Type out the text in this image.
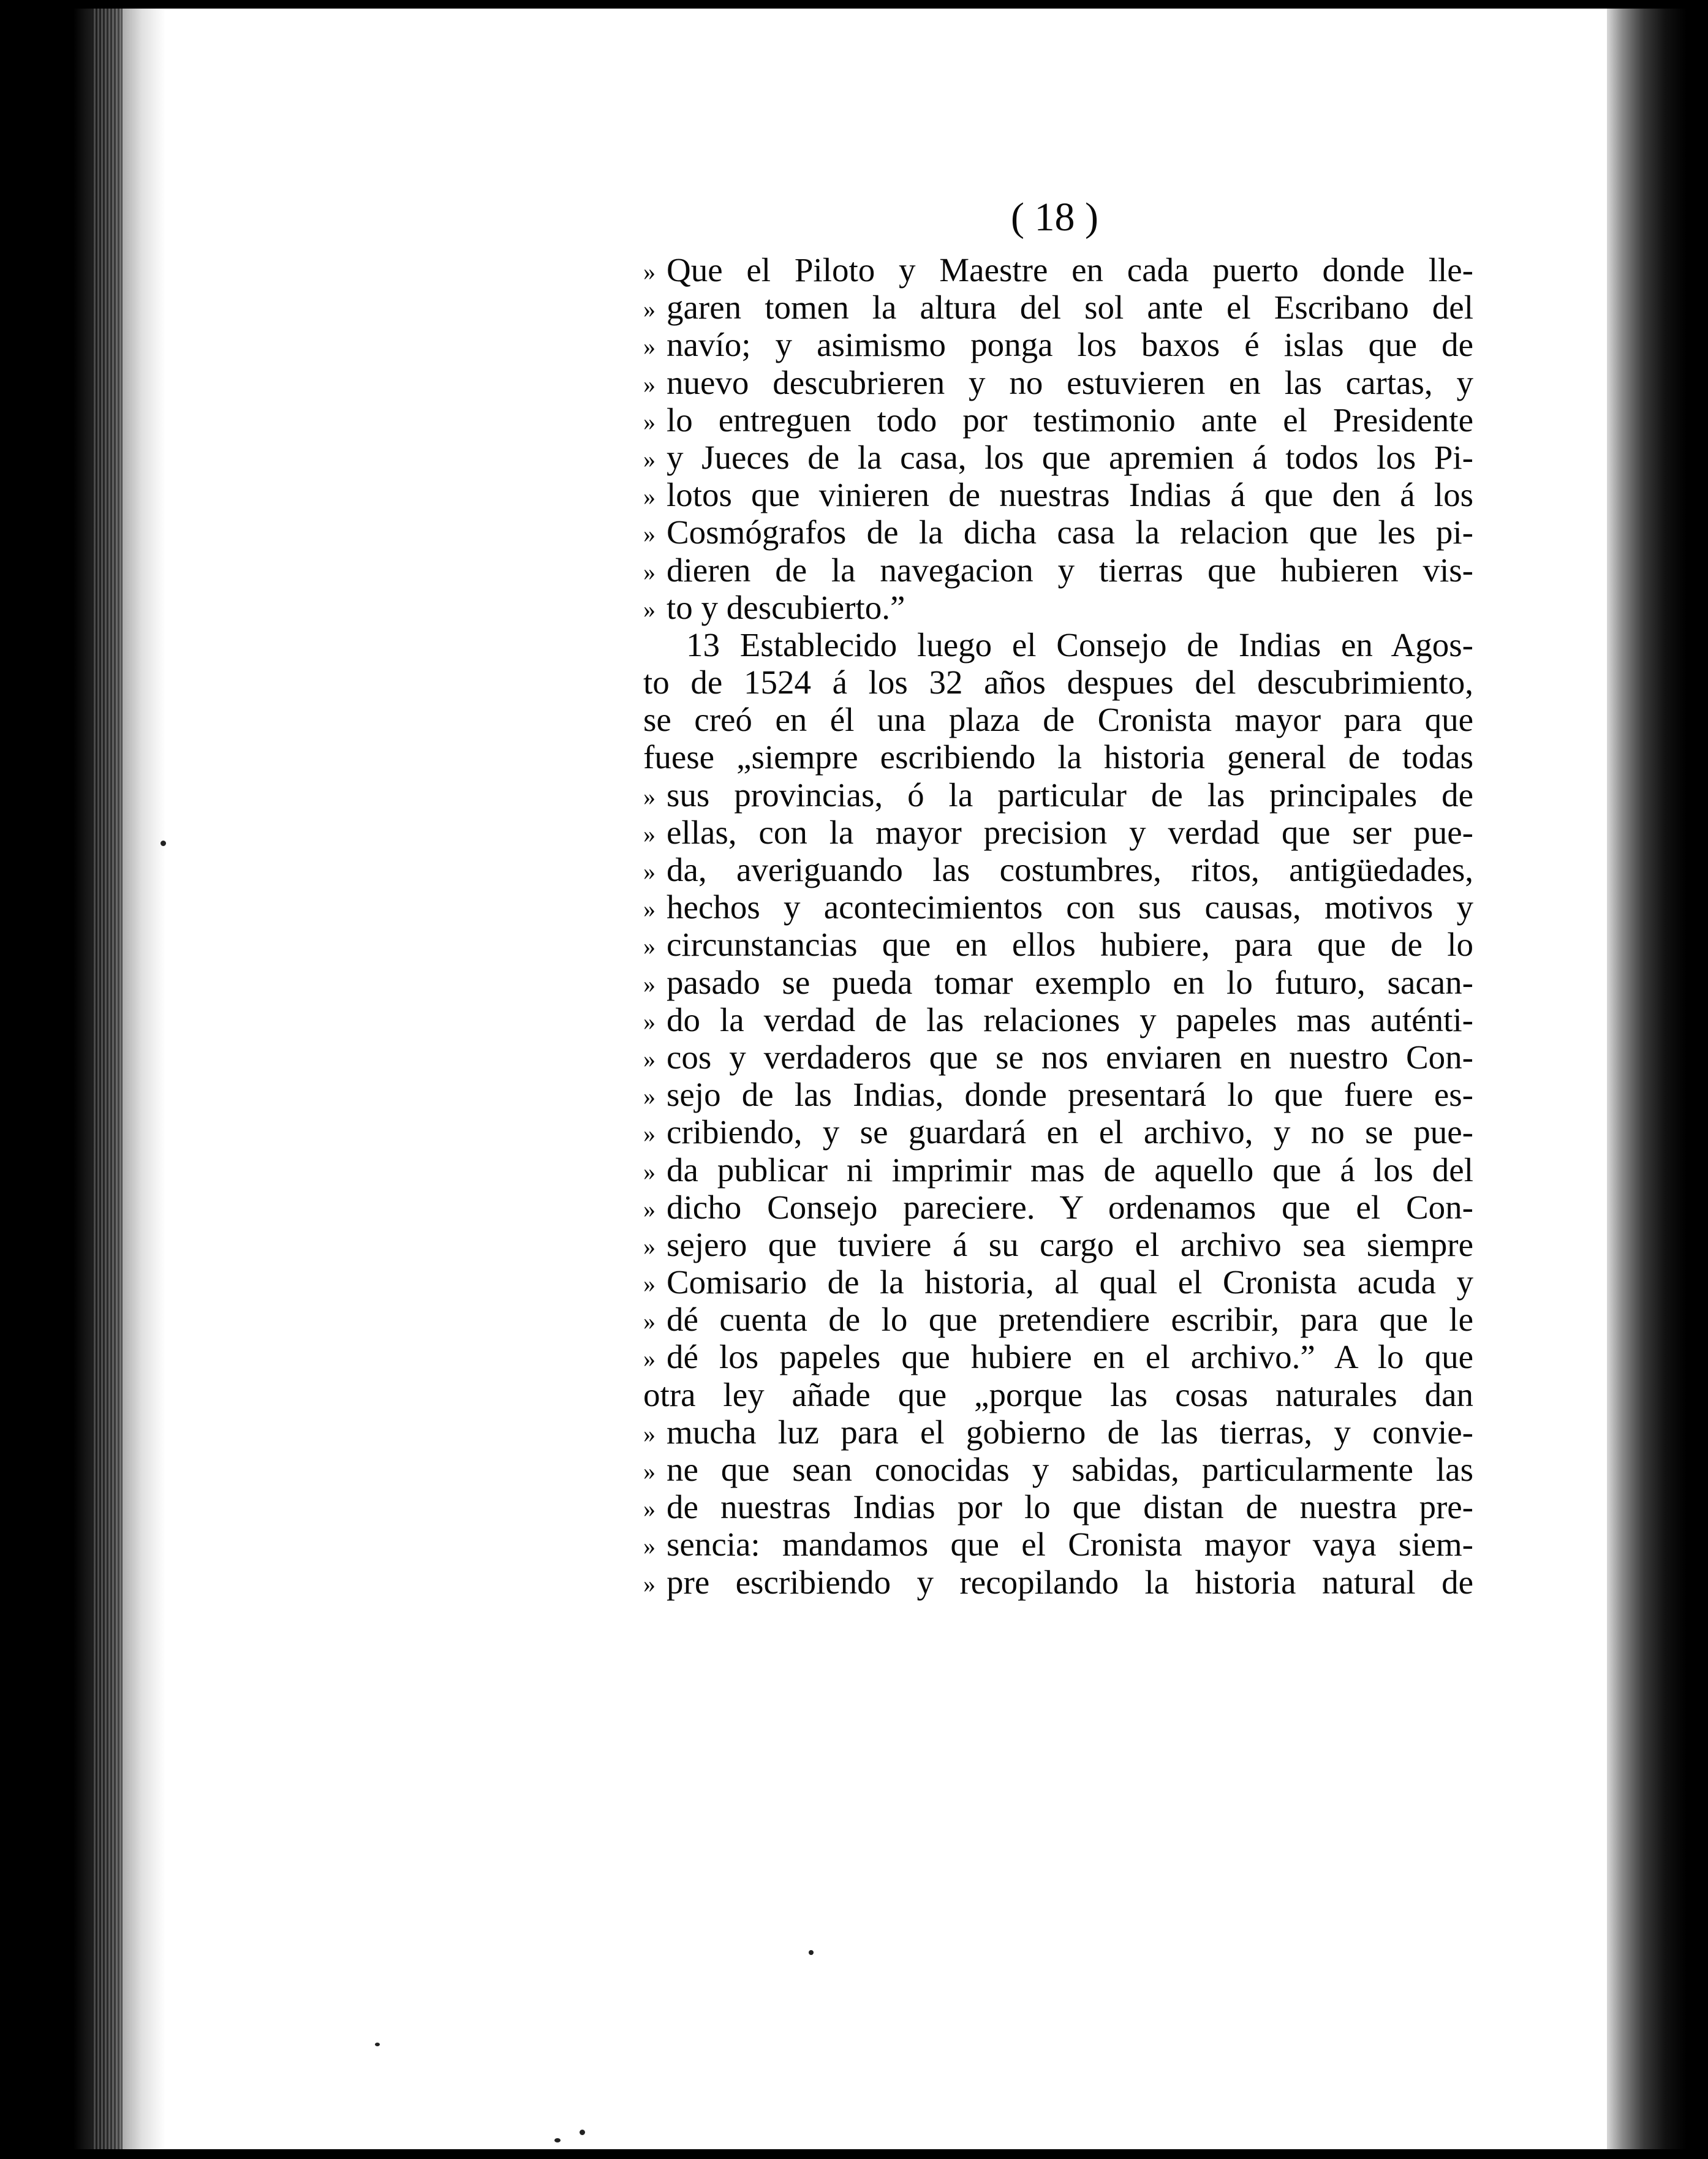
( 18 )
» Que el Piloto y Maestre en cada puerto donde lle-
» garen tomen la altura del sol ante el Escribano del
» navío; y asimismo ponga los baxos é islas que de
» nuevo descubrieren y no estuvieren en las cartas, y
» lo entreguen todo por testimonio ante el Presidente
» y Jueces de la casa, los que apremien á todos los Pi-
» lotos que vinieren de nuestras Indias á que den á los
» Cosmógrafos de la dicha casa la relacion que les pi-
» dieren de la navegacion y tierras que hubieren vis-
» to y descubierto.”
13 Establecido luego el Consejo de Indias en Agos-
to de 1524 á los 32 años despues del descubrimiento,
se creó en él una plaza de Cronista mayor para que
fuese „siempre escribiendo la historia general de todas
» sus provincias, ó la particular de las principales de
» ellas, con la mayor precision y verdad que ser pue-
» da, averiguando las costumbres, ritos, antigüedades,
» hechos y acontecimientos con sus causas, motivos y
» circunstancias que en ellos hubiere, para que de lo
» pasado se pueda tomar exemplo en lo futuro, sacan-
» do la verdad de las relaciones y papeles mas auténti-
» cos y verdaderos que se nos enviaren en nuestro Con-
» sejo de las Indias, donde presentará lo que fuere es-
» cribiendo, y se guardará en el archivo, y no se pue-
» da publicar ni imprimir mas de aquello que á los del
» dicho Consejo pareciere. Y ordenamos que el Con-
» sejero que tuviere á su cargo el archivo sea siempre
» Comisario de la historia, al qual el Cronista acuda y
» dé cuenta de lo que pretendiere escribir, para que le
» dé los papeles que hubiere en el archivo.” A lo que
otra ley añade que „porque las cosas naturales dan
» mucha luz para el gobierno de las tierras, y convie-
» ne que sean conocidas y sabidas, particularmente las
» de nuestras Indias por lo que distan de nuestra pre-
» sencia: mandamos que el Cronista mayor vaya siem-
» pre escribiendo y recopilando la historia natural de
